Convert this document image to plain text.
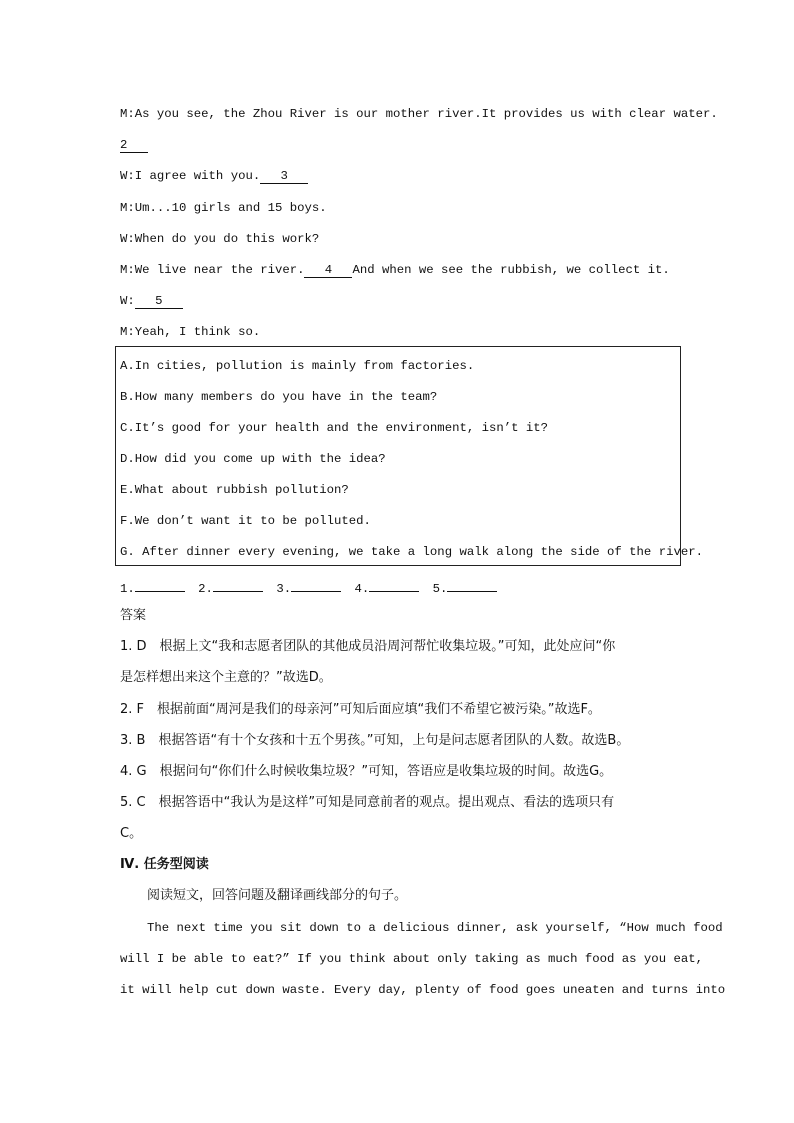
M:As you see, the Zhou River is our mother river.It provides us with clear water.
2
W:I agree with you. 3
M:Um...10 girls and 15 boys.
W:When do you do this work?
M:We live near the river. 4 And when we see the rubbish, we collect it.
W: 5
M:Yeah, I think so.
A.In cities, pollution is mainly from factories.
B.How many members do you have in the team?
C.It’s good for your health and the environment, isn’t it?
D.How did you come up with the idea?
E.What about rubbish pollution?
F.We don’t want it to be polluted.
G. After dinner every evening, we take a long walk along the side of the river.
1.	2.	3.	4.	5.
答案
1. D　根据上文“我和志愿者团队的其他成员沿周河帮忙收集垃圾。”可知，此处应问“你
是怎样想出来这个主意的？”故选D。
2. F　根据前面“周河是我们的母亲河”可知后面应填“我们不希望它被污染。”故选F。
3. B　根据答语“有十个女孩和十五个男孩。”可知，上句是问志愿者团队的人数。故选B。
4. G　根据问句“你们什么时候收集垃圾？”可知，答语应是收集垃圾的时间。故选G。
5. C　根据答语中“我认为是这样”可知是同意前者的观点。提出观点、看法的选项只有
C。
Ⅳ. 任务型阅读
阅读短文，回答问题及翻译画线部分的句子。
The next time you sit down to a delicious dinner, ask yourself, “How much food
will I be able to eat?” If you think about only taking as much food as you eat,
it will help cut down waste. Every day, plenty of food goes uneaten and turns into
